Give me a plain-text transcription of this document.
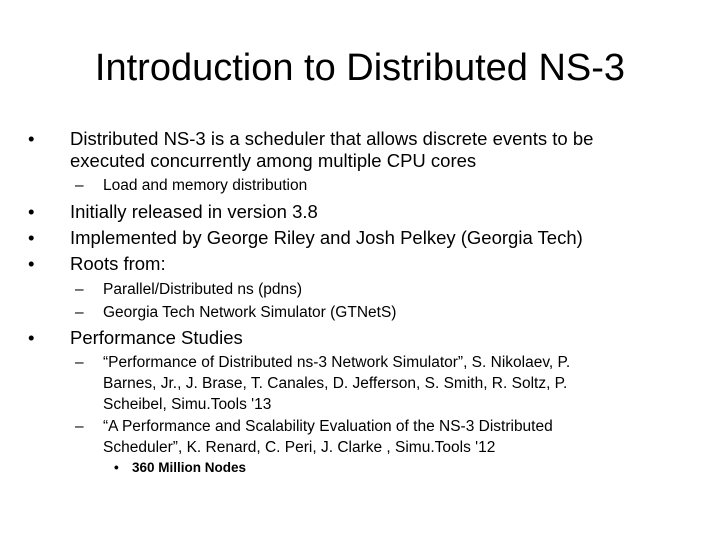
Introduction to Distributed NS-3
• Distributed NS-3 is a scheduler that allows discrete events to be
executed concurrently among multiple CPU cores
– Load and memory distribution
• Initially released in version 3.8
• Implemented by George Riley and Josh Pelkey (Georgia Tech)
• Roots from:
– Parallel/Distributed ns (pdns)
– Georgia Tech Network Simulator (GTNetS)
• Performance Studies
– “Performance of Distributed ns-3 Network Simulator”, S. Nikolaev, P.
Barnes, Jr., J. Brase, T. Canales, D. Jefferson, S. Smith, R. Soltz, P.
Scheibel, Simu.Tools '13
– “A Performance and Scalability Evaluation of the NS-3 Distributed
Scheduler”, K. Renard, C. Peri, J. Clarke , Simu.Tools '12
• 360 Million Nodes
